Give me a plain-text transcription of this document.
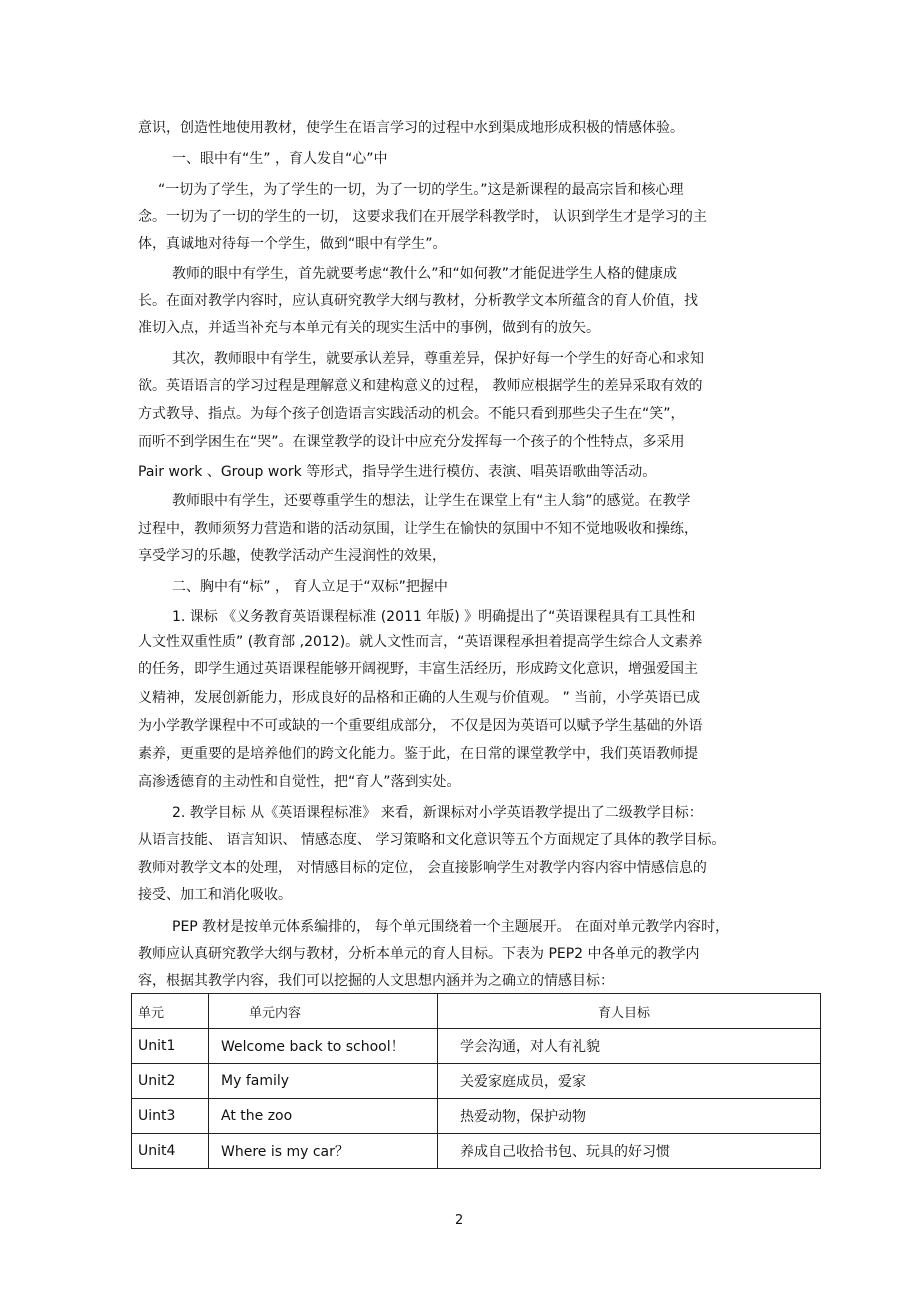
意识，创造性地使用教材，使学生在语言学习的过程中水到渠成地形成积极的情感体验。
一、眼中有“生” ，育人发自“心”中
“一切为了学生，为了学生的一切，为了一切的学生。”这是新课程的最高宗旨和核心理
念。一切为了一切的学生的一切， 这要求我们在开展学科教学时， 认识到学生才是学习的主
体，真诚地对待每一个学生，做到“眼中有学生”。
教师的眼中有学生，首先就要考虑“教什么”和“如何教”才能促进学生人格的健康成
长。在面对教学内容时，应认真研究教学大纲与教材，分析教学文本所蕴含的育人价值，找
准切入点，并适当补充与本单元有关的现实生活中的事例，做到有的放矢。
其次，教师眼中有学生，就要承认差异，尊重差异，保护好每一个学生的好奇心和求知
欲。英语语言的学习过程是理解意义和建构意义的过程， 教师应根据学生的差异采取有效的
方式教导、指点。为每个孩子创造语言实践活动的机会。不能只看到那些尖子生在“笑”，
而听不到学困生在“哭”。在课堂教学的设计中应充分发挥每一个孩子的个性特点，多采用
Pair work 、Group work 等形式，指导学生进行模仿、表演、唱英语歌曲等活动。
教师眼中有学生，还要尊重学生的想法，让学生在课堂上有“主人翁”的感觉。在教学
过程中，教师须努力营造和谐的活动氛围，让学生在愉快的氛围中不知不觉地吸收和操练，
享受学习的乐趣，使教学活动产生浸润性的效果，
二、胸中有“标” ， 育人立足于“双标”把握中
1. 课标 《义务教育英语课程标准 (2011 年版) 》明确提出了“英语课程具有工具性和
人文性双重性质” (教育部 ,2012)。就人文性而言，“英语课程承担着提高学生综合人文素养
的任务，即学生通过英语课程能够开阔视野，丰富生活经历，形成跨文化意识，增强爱国主
义精神，发展创新能力，形成良好的品格和正确的人生观与价值观。 ” 当前，小学英语已成
为小学教学课程中不可或缺的一个重要组成部分， 不仅是因为英语可以赋予学生基础的外语
素养，更重要的是培养他们的跨文化能力。鉴于此，在日常的课堂教学中，我们英语教师提
高渗透德育的主动性和自觉性，把“育人”落到实处。
2. 教学目标 从《英语课程标准》 来看，新课标对小学英语教学提出了二级教学目标：
从语言技能、 语言知识、 情感态度、 学习策略和文化意识等五个方面规定了具体的教学目标。
教师对教学文本的处理， 对情感目标的定位， 会直接影响学生对教学内容内容中情感信息的
接受、加工和消化吸收。
PEP 教材是按单元体系编排的， 每个单元围绕着一个主题展开。 在面对单元教学内容时，
教师应认真研究教学大纲与教材，分析本单元的育人目标。下表为 PEP2 中各单元的教学内
容，根据其教学内容，我们可以挖掘的人文思想内涵并为之确立的情感目标：
单元	单元内容	育人目标
Unit1	Welcome back to school！	学会沟通，对人有礼貌
Unit2	My family	关爱家庭成员，爱家
Uint3	At the zoo	热爱动物，保护动物
Unit4	Where is my car？	养成自己收拾书包、玩具的好习惯
2
